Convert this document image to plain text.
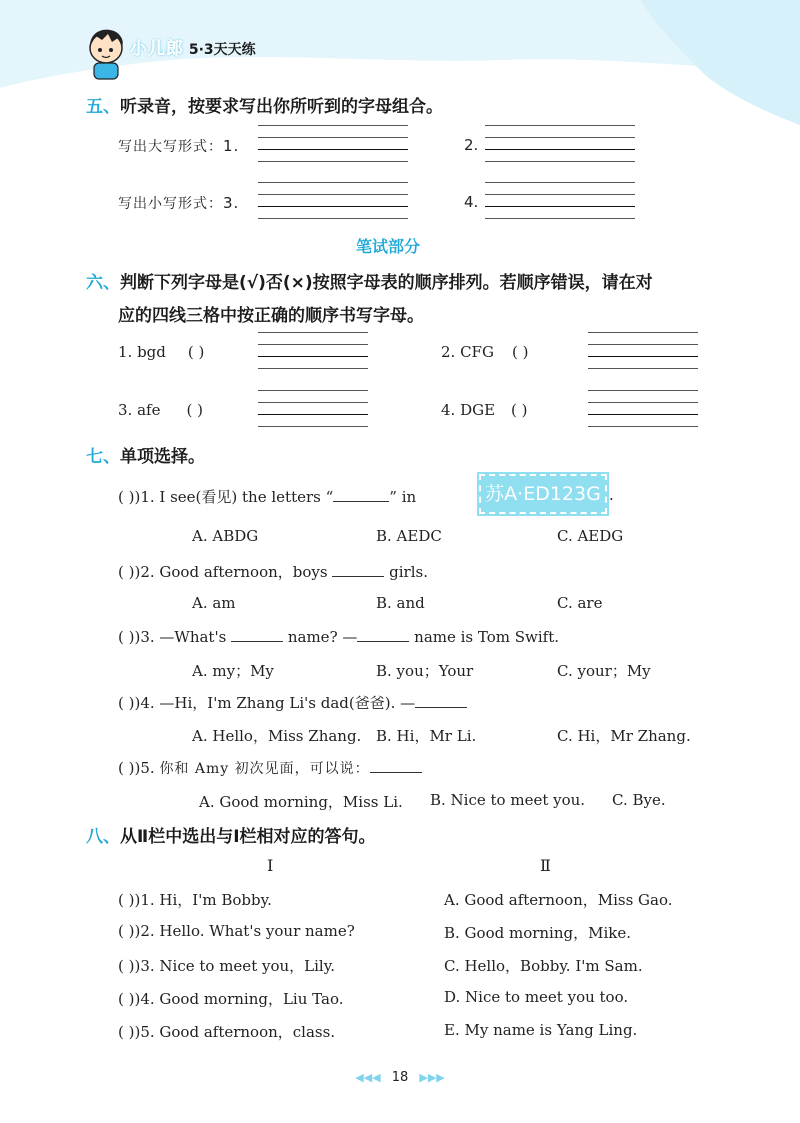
小儿郎 5·3天天练
五、听录音，按要求写出你所听到的字母组合。
写出大写形式：1.	2.
写出小写形式：3.	4.
笔试部分
六、判断下列字母是(√)否(×)按照字母表的顺序排列。若顺序错误，请在对
应的四线三格中按正确的顺序书写字母。
1. bgd ( )	2. CFG ( )
3. afe ( )	4. DGE ( )
七、单项选择。
( ))1. I see(看见) the letters “	” in	苏A·ED123G .
A. ABDG	B. AEDC	C. AEDG
( ))2. Good afternoon，boys	girls.
A. am	B. and	C. are
( ))3. —What's	name? —	name is Tom Swift.
A. my；My	B. you；Your	C. your；My
( ))4. —Hi，I'm Zhang Li's dad(爸爸). —
A. Hello，Miss Zhang. B. Hi，Mr Li.	C. Hi，Mr Zhang.
( ))5. 你和 Amy 初次见面，可以说：
A. Good morning，Miss Li. B. Nice to meet you. C. Bye.
八、从Ⅱ栏中选出与Ⅰ栏相对应的答句。
Ⅰ	Ⅱ
( ))1. Hi，I'm Bobby.	A. Good afternoon，Miss Gao.
( ))2. Hello. What's your name?	B. Good morning，Mike.
( ))3. Nice to meet you，Lily.	C. Hello，Bobby. I'm Sam.
( ))4. Good morning，Liu Tao.	D. Nice to meet you too.
( ))5. Good afternoon，class.	E. My name is Yang Ling.
◀◀◀ 18 ▶▶▶
